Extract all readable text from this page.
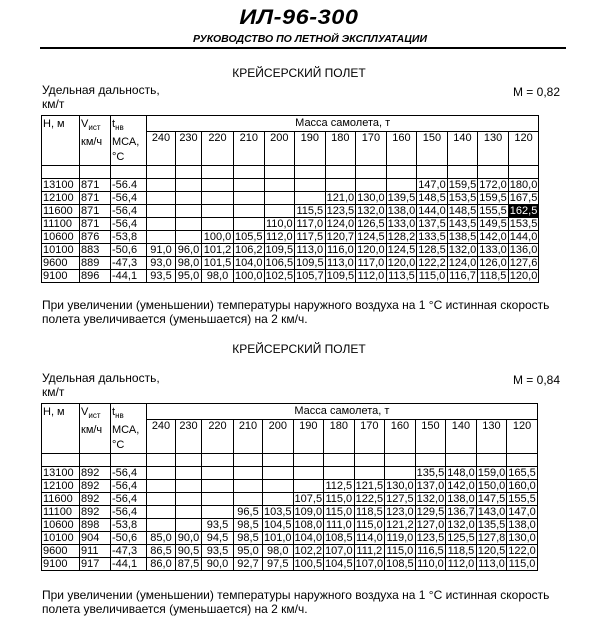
ИЛ-96-300
РУКОВОДСТВО ПО ЛЕТНОЙ ЭКСПЛУАТАЦИИ
КРЕЙСЕРСКИЙ ПОЛЕТ
Удельная дальность,
км/т
М = 0,82
Н, м	$V_{ист}$
км/ч	$t_{нв}$
МСА,
°С	Масса самолета, т												
			240	230	220	210	200	190	180	170	160	150	140	130	120

13100	871	-56.4										147,0	159,5	172,0	180,0
12100	871	-56,4							121,0	130,0	139,5	148,5	153,5	159,5	167,5
11600	871	-56,4						115,5	123,5	132,0	138,0	144,0	148,5	155,5	162,5
11100	871	-56,4					110,0	117,0	124,0	126,5	133,0	137,5	143,5	149,5	153,5
10600	876	-53,8			100,0	105,5	112,0	117,5	120,7	124,5	128,2	133,5	138,5	142,0	144,0
10100	883	-50,6	91,0	96,0	101,2	106,2	109,5	113,0	116,0	120,0	124,5	128,5	132,0	133,0	136,0
9600	889	-47,3	93,0	98,0	101,5	104,0	106,5	109,5	113,0	117,0	120,0	122,2	124,0	126,0	127,6
9100	896	-44,1	93,5	95,0	98,0	100,0	102,5	105,7	109,5	112,0	113,5	115,0	116,7	118,5	120,0
При увеличении (уменьшении) температуры наружного воздуха на 1 °С истинная скорость
полета увеличивается (уменьшается) на 2 км/ч.
КРЕЙСЕРСКИЙ ПОЛЕТ
Удельная дальность,
км/т
М = 0,84
Н, м	$V_{ист}$
км/ч	$t_{нв}$
МСА,
°С	Масса самолета, т												
			240	230	220	210	200	190	180	170	160	150	140	130	120

13100	892	-56,4										135,5	148,0	159,0	165,5
12100	892	-56,4							112,5	121,5	130,0	137,0	142,0	150,0	160,0
11600	892	-56,4						107,5	115,0	122,5	127,5	132,0	138,0	147,5	155,5
11100	892	-56,4				96,5	103,5	109,0	115,0	118,5	123,0	129,5	136,7	143,0	147,0
10600	898	-53,8			93,5	98,5	104,5	108,0	111,0	115,0	121,2	127,0	132,0	135,5	138,0
10100	904	-50,6	85,0	90,0	94,5	98,5	101,0	104,0	108,5	114,0	119,0	123,5	125,5	127,8	130,0
9600	911	-47,3	86,5	90,5	93,5	95,0	98,0	102,2	107,0	111,2	115,0	116,5	118,5	120,5	122,0
9100	917	-44,1	86,0	87,5	90,0	92,7	97,5	100,5	104,5	107,0	108,5	110,0	112,0	113,0	115,0
При увеличении (уменьшении) температуры наружного воздуха на 1 °С истинная скорость
полета увеличивается (уменьшается) на 2 км/ч.
